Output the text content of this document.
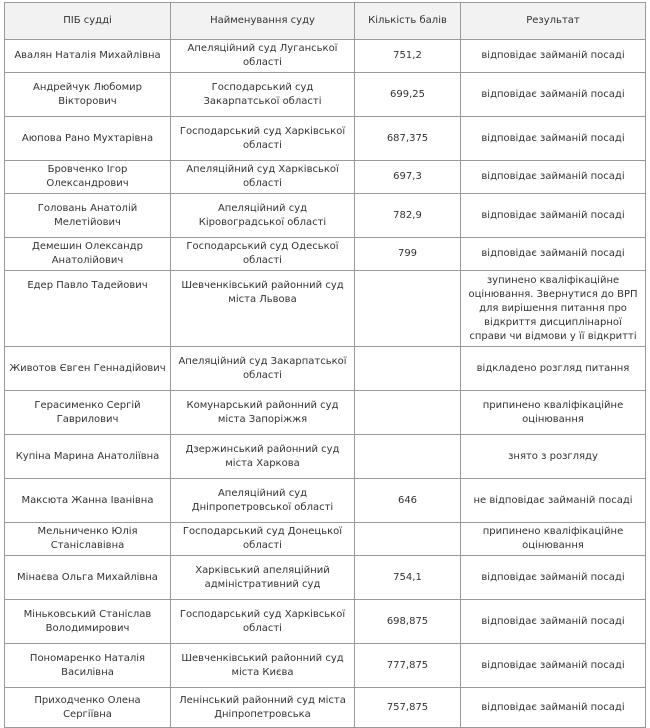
ПІБ судді	Найменування суду	Кількість балів	Результат
Авалян Наталія Михайлівна	Апеляційний суд Луганської області	751,2	відповідає займаній посаді
Андрейчук Любомир Вікторович	Господарський суд Закарпатської області	699,25	відповідає займаній посаді
Аюпова Рано Мухтарівна	Господарський суд Харківської області	687,375	відповідає займаній посаді
Бровченко Ігор Олександрович	Апеляційний суд Харківської області	697,3	відповідає займаній посаді
Головань Анатолій Мелетійович	Апеляційний суд Кіровоградської області	782,9	відповідає займаній посаді
Демешин Олександр Анатолійович	Господарський суд Одеської області	799	відповідає займаній посаді
Едер Павло Тадейович	Шевченківський районний суд міста Львова		зупинено кваліфікаційне оцінювання. Звернутися до ВРП для вирішення питання про відкриття дисциплінарної справи чи відмови у її відкритті
Животов Євген Геннадійович	Апеляційний суд Закарпатської області		відкладено розгляд питання
Герасименко Сергій Гаврилович	Комунарський районний суд міста Запоріжжя		припинено кваліфікаційне оцінювання
Купіна Марина Анатоліївна	Дзержинський районний суд міста Харкова		знято з розгляду
Максюта Жанна Іванівна	Апеляційний суд Дніпропетровської області	646	не відповідає займаній посаді
Мельниченко Юлія Станіславівна	Господарський суд Донецької області		припинено кваліфікаційне оцінювання
Мінаєва Ольга Михайлівна	Харківський апеляційний адміністративний суд	754,1	відповідає займаній посаді
Міньковський Станіслав Володимирович	Господарський суд Харківської області	698,875	відповідає займаній посаді
Пономаренко Наталія Василівна	Шевченківський районний суд міста Києва	777,875	відповідає займаній посаді
Приходченко Олена Сергіївна	Ленінський районний суд міста Дніпропетровська	757,875	відповідає займаній посаді
